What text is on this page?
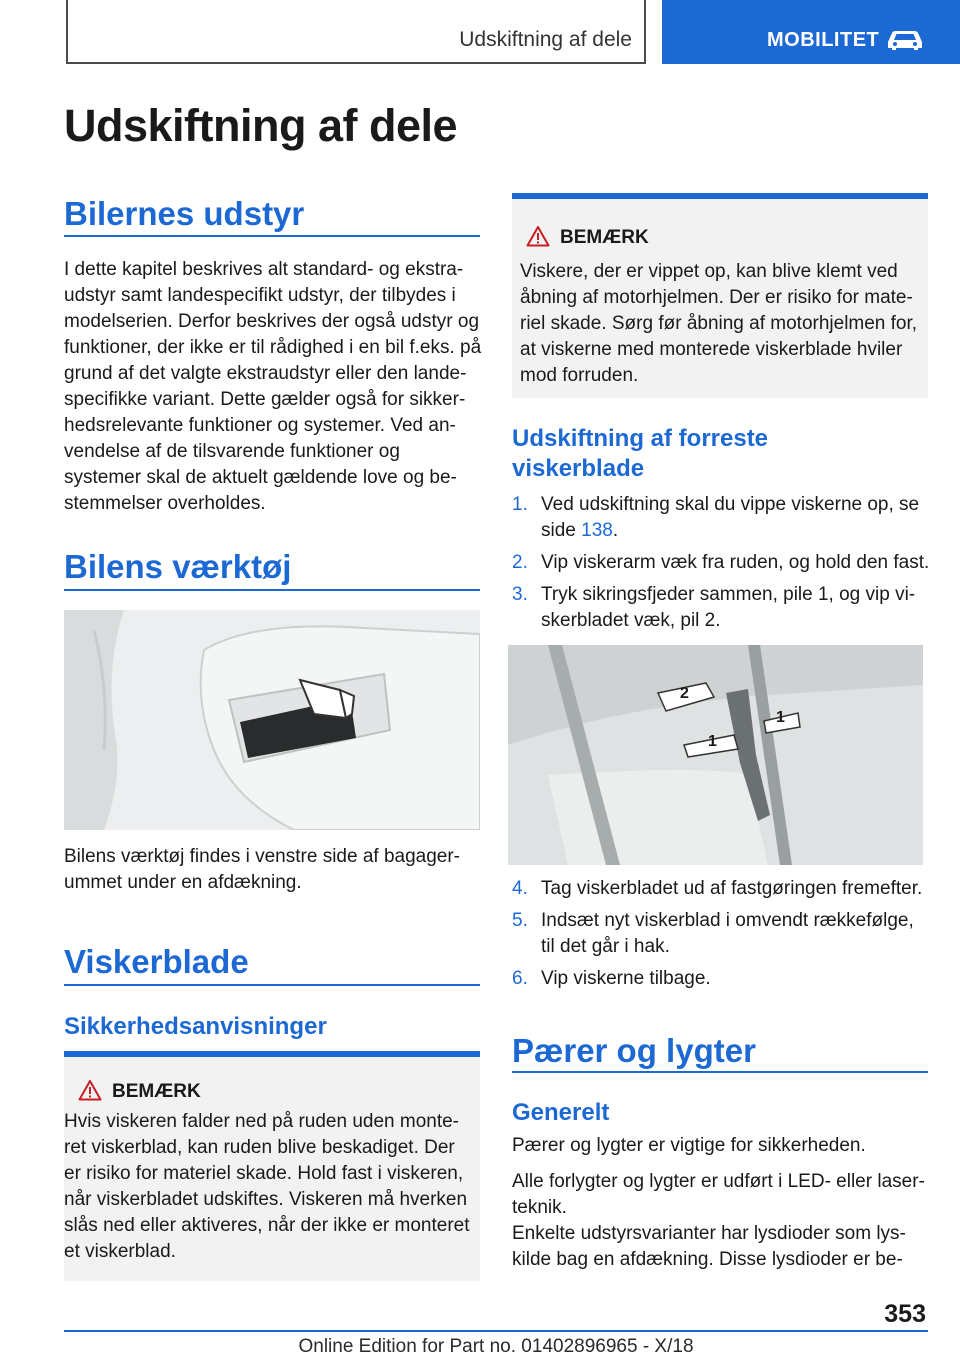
Udskiftning af dele	MOBILITET
Udskiftning af dele
Bilernes udstyr
I dette kapitel beskrives alt standard- og ekstra-
udstyr samt landespecifikt udstyr, der tilbydes i
modelserien. Derfor beskrives der også udstyr og
funktioner, der ikke er til rådighed i en bil f.eks. på
grund af det valgte ekstraudstyr eller den lande-
specifikke variant. Dette gælder også for sikker-
hedsrelevante funktioner og systemer. Ved an-
vendelse af de tilsvarende funktioner og
systemer skal de aktuelt gældende love og be-
stemmelser overholdes.
Bilens værktøj
Bilens værktøj findes i venstre side af bagager-
ummet under en afdækning.
Viskerblade
Sikkerhedsanvisninger
BEMÆRK
Hvis viskeren falder ned på ruden uden monte-
ret viskerblad, kan ruden blive beskadiget. Der
er risiko for materiel skade. Hold fast i viskeren,
når viskerbladet udskiftes. Viskeren må hverken
slås ned eller aktiveres, når der ikke er monteret
et viskerblad.
BEMÆRK
Viskere, der er vippet op, kan blive klemt ved
åbning af motorhjelmen. Der er risiko for mate-
riel skade. Sørg før åbning af motorhjelmen for,
at viskerne med monterede viskerblade hviler
mod forruden.
Udskiftning af forreste
viskerblade
1. Ved udskiftning skal du vippe viskerne op, se
side 138.
2. Vip viskerarm væk fra ruden, og hold den fast.
3. Tryk sikringsfjeder sammen, pile 1, og vip vi-
skerbladet væk, pil 2.
2
1
1
4. Tag viskerbladet ud af fastgøringen fremefter.
5. Indsæt nyt viskerblad i omvendt rækkefølge,
til det går i hak.
6. Vip viskerne tilbage.
Pærer og lygter
Generelt
Pærer og lygter er vigtige for sikkerheden.
Alle forlygter og lygter er udført i LED- eller laser-
teknik.
Enkelte udstyrsvarianter har lysdioder som lys-
kilde bag en afdækning. Disse lysdioder er be-
353
Online Edition for Part no. 01402896965 - X/18
